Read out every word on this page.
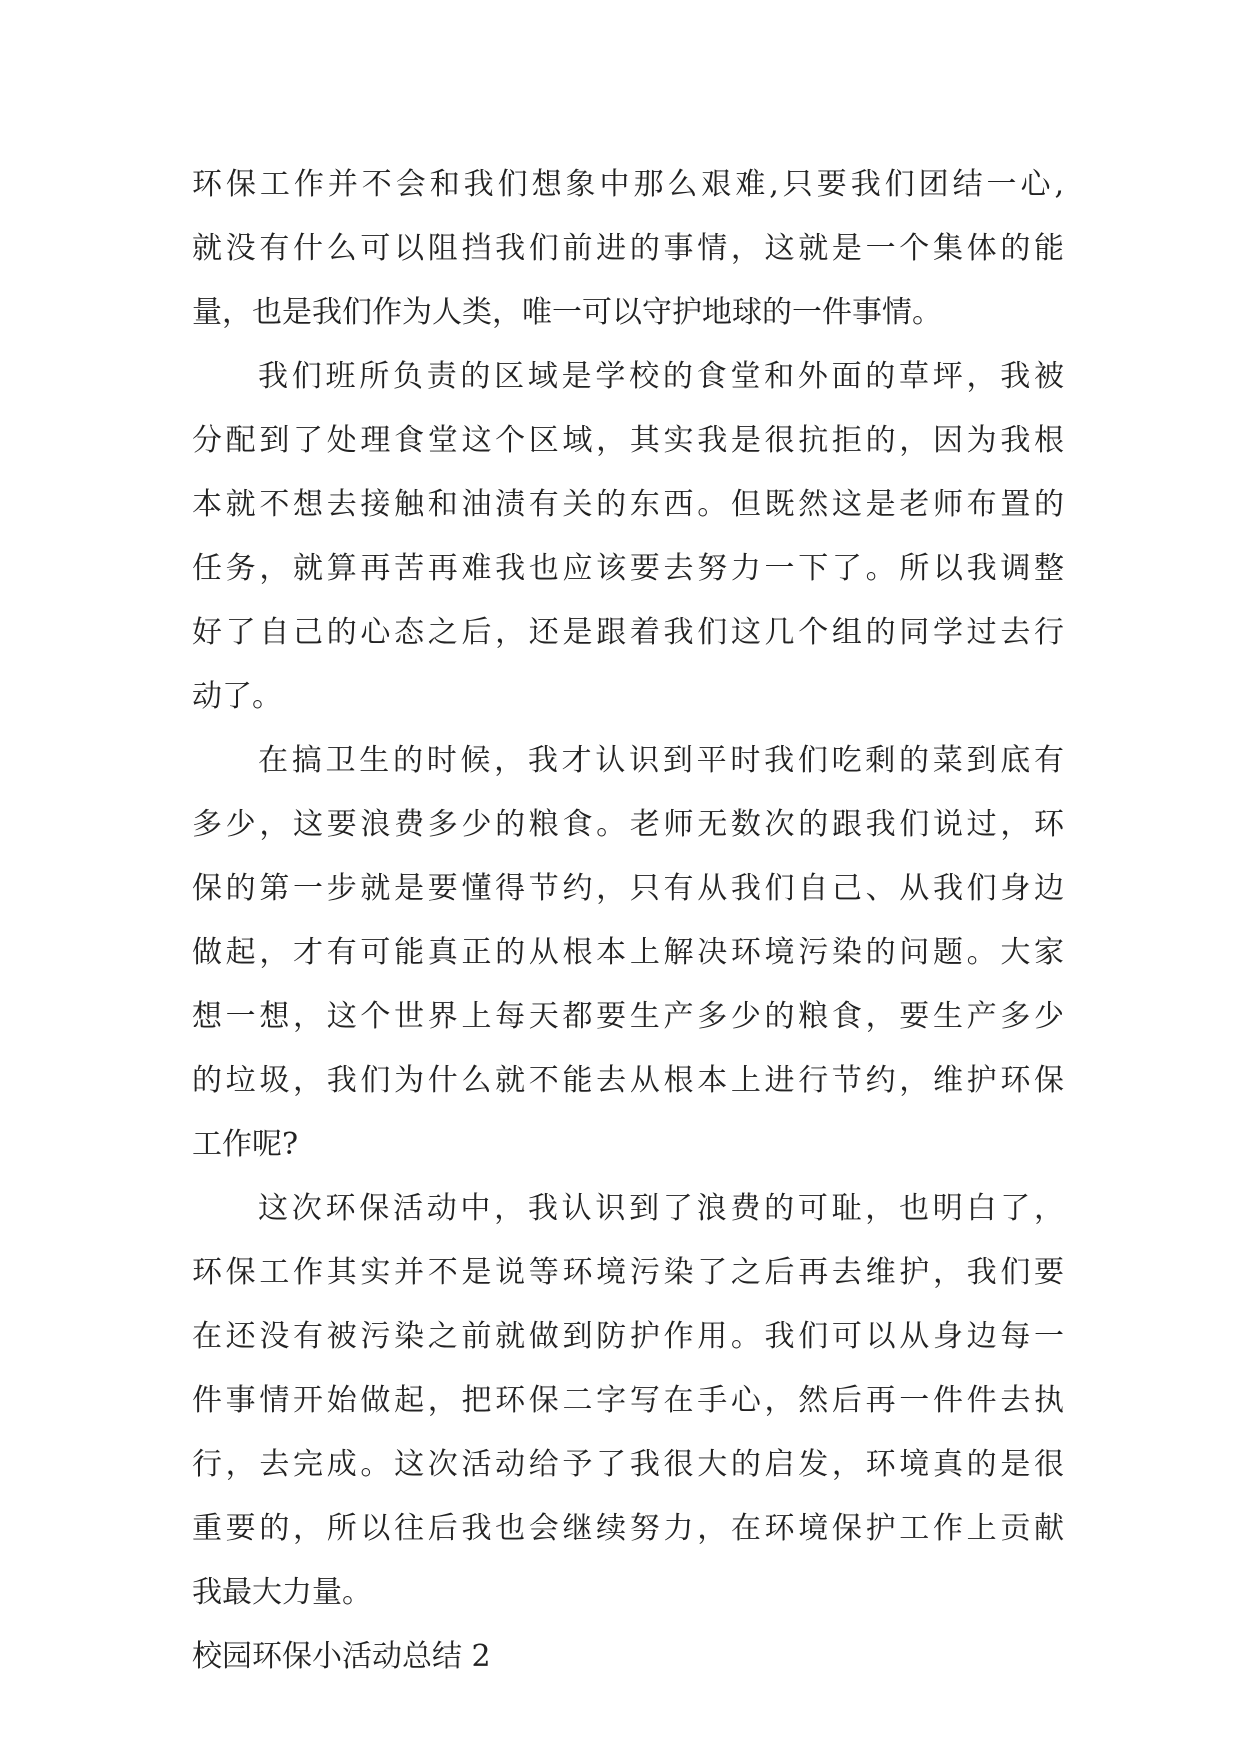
环保工作并不会和我们想象中那么艰难,只要我们团结一心,
就没有什么可以阻挡我们前进的事情，这就是一个集体的能
量，也是我们作为人类，唯一可以守护地球的一件事情。
我们班所负责的区域是学校的食堂和外面的草坪，我被
分配到了处理食堂这个区域，其实我是很抗拒的，因为我根
本就不想去接触和油渍有关的东西。但既然这是老师布置的
任务，就算再苦再难我也应该要去努力一下了。所以我调整
好了自己的心态之后，还是跟着我们这几个组的同学过去行
动了。
在搞卫生的时候，我才认识到平时我们吃剩的菜到底有
多少，这要浪费多少的粮食。老师无数次的跟我们说过，环
保的第一步就是要懂得节约，只有从我们自己、从我们身边
做起，才有可能真正的从根本上解决环境污染的问题。大家
想一想，这个世界上每天都要生产多少的粮食，要生产多少
的垃圾，我们为什么就不能去从根本上进行节约，维护环保
工作呢?
这次环保活动中，我认识到了浪费的可耻，也明白了，
环保工作其实并不是说等环境污染了之后再去维护，我们要
在还没有被污染之前就做到防护作用。我们可以从身边每一
件事情开始做起，把环保二字写在手心，然后再一件件去执
行，去完成。这次活动给予了我很大的启发，环境真的是很
重要的，所以往后我也会继续努力，在环境保护工作上贡献
我最大力量。
校园环保小活动总结 2
